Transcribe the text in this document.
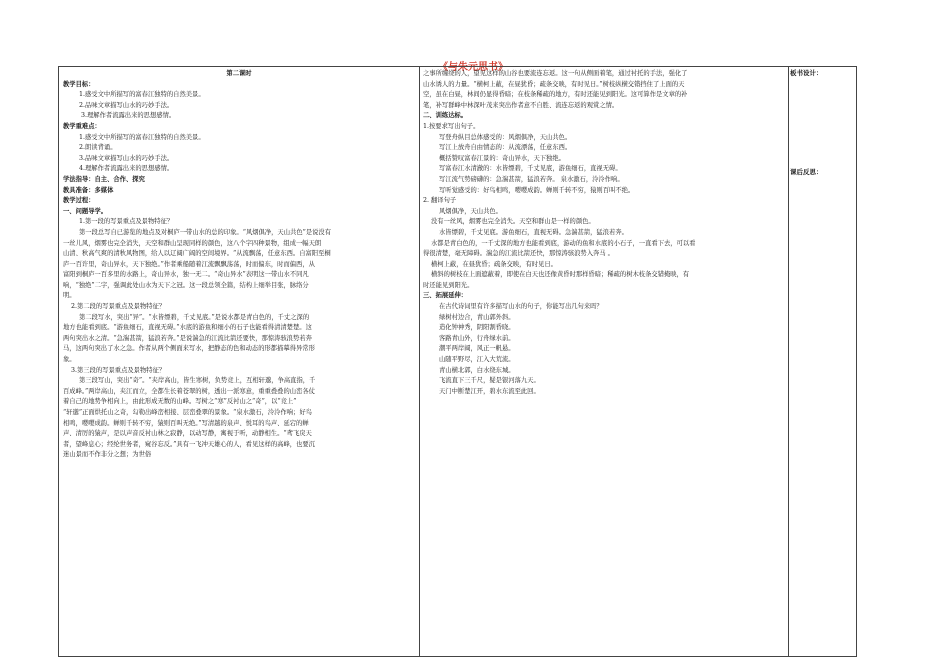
《与朱元思书》

第二课时

教学目标：

1.感受文中所描写的富春江独特的自然美景。

2.品味文章描写山水的巧妙手法。

3.理解作者流露出来的思想感情。

教学重难点：

1.感受文中所描写的富春江独特的自然美景。

2.朗读背诵。

3.品味文章描写山水的巧妙手法。

4.理解作者流露出来的思想感情。

学法指导：自主、合作、探究

教具准备：多媒体

教学过程：

一、问题导学。

1.第一段的写景重点及景物特征？

第一段总写自已游览的地点及对桐庐一带山水的总的印象。“风烟俱净，天山共色”是说没有

一丝儿风，烟雾也完全消失，天空和群山呈现同样的颜色，这八个字四种景物，组成一幅天朗

山清、秋高气爽的清秋风物图，给人以辽阔广阔的空间境界。“从流飘荡，任意东西。自富阳至桐

庐一百许里，奇山异水，天下独绝。”作者乘船随着江流飘飘荡荡，时而偏东，时而偏西，从

富阳到桐庐一百多里的水路上，奇山异水，独一无二。“奇山异水”表明这一带山水不同凡

响，“独绝”二字，强调此处山水为天下之冠。这一段总领全篇，结构上细举目张，脉络分

明。

2.第二段的写景重点及景物特征？

第二段写水，突出“异”。“水皆缥碧，千丈见底。”是说水都是青白色的，千丈之深的

地方也能看到底。“游鱼细石，直视无碍。”水底的游鱼和细小的石子也能看得清清楚楚。这

两句突出水之清。“急湍甚箭，猛浪若奔。”是说湍急的江流比箭还要快，那惊涛骇浪势若奔

马，这两句突出了水之急。作者从两个侧面来写水，把静态的色和动态的形都描摹得异常形

象。

3.第三段的写景重点及景物特征？

第三段写山，突出“奇”。“夹岸高山，皆生寒树，负势竞上，互相轩邈，争高直指，千

百成峰。”两岸高山，夹江而立，全都生长着苍翠的树，透出一派寒意，重重叠叠的山峦各仗

着自己的地势争相向上，由此形成无数的山峰。写树之“寒”反衬山之“奇”，以“竞上”

“轩邈”正面烘托山之奇，勾勒出峰峦相接、层峦叠翠的景象。“泉水激石，泠泠作响；好鸟

相鸣，嘤嘤成韵。蝉则千转不穷，猿则百叫无绝。”写清越的泉声、悦耳的鸟声、延宕的蝉

声、清厉的猿声，是以声音反衬山林之寂静，以动写静，寓视于听，动静相生。“鸢飞戾天

者，望峰息心；经纶世务者，窥谷忘反。”具有一飞冲天雄心的人，看见这样的高峰，也要沉

迷山景而不作非分之想；为世俗

之事所缠绕的人，望见这样的山谷也要流连忘返。这一句从侧面着笔，通过衬托的手法，强化了

山水诱人的力量。“横柯上蔽，在昼犹昏；疏条交映，有时见日。”树枝纵横交错挡住了上面的天

空，虽在白昼，林间仍显得昏暗；在枝条稀疏的地方，有时还能见到阳光。这可算作是文章的补

笔，补写群峰中林深叶茂来突出作者意不自胜、流连忘返的观赏之情。

二、训练达标。

1.按要求写出句子。

写登舟纵目总体感受的：风烟俱净，天山共色。

写江上放舟自由情态的：从流漂荡，任意东西。

概括赞叹富春江景的：奇山异水，天下独绝。

写富春江水清澈的：水皆缥碧，千丈见底，游鱼细石，直视无碍。

写江流气势磅礴的：急湍甚箭，猛浪若奔。 泉水激石，泠泠作响。

写听觉感受的：好鸟相鸣，嘤嘤成韵。蝉则千转不穷，猿则百叫不绝。

2. 翻译句子

风烟俱净，天山共色。

没有一丝风，烟雾也完全消失。天空和群山是一样的颜色。

水皆缥碧，千丈见底。游鱼细石，直视无碍。急湍甚箭，猛浪若奔。

水都是青白色的，一千丈深的地方也能看到底，游动的鱼和水底的小石子，一直看下去，可以看

得很清楚，毫无障碍。湍急的江流比箭还快，那惊涛骇浪势入奔马 。

横柯上蔽，在昼犹昏；疏条交映，有时见日。

横斜的树枝在上面遮蔽着，即使在白天也还像黄昏时那样昏暗；稀疏的树木枝条交错掩映，有

时还能见到阳光。

三、拓展延伸：

在古代诗词里有许多描写山水的句子，你能写出几句来吗？

绿树村边合，青山郭外斜。

造化钟神秀，阴阳割昏晓。

客路青山外，行舟绿水前。

潮平两岸阔，风正一帆悬。

山随平野尽，江入大荒流。

青山横北郭，白水绕东城。

飞流直下三千尺，疑是银河落九天。

天门中断楚江开，碧水东流至此回。

板书设计：
课后反思：
